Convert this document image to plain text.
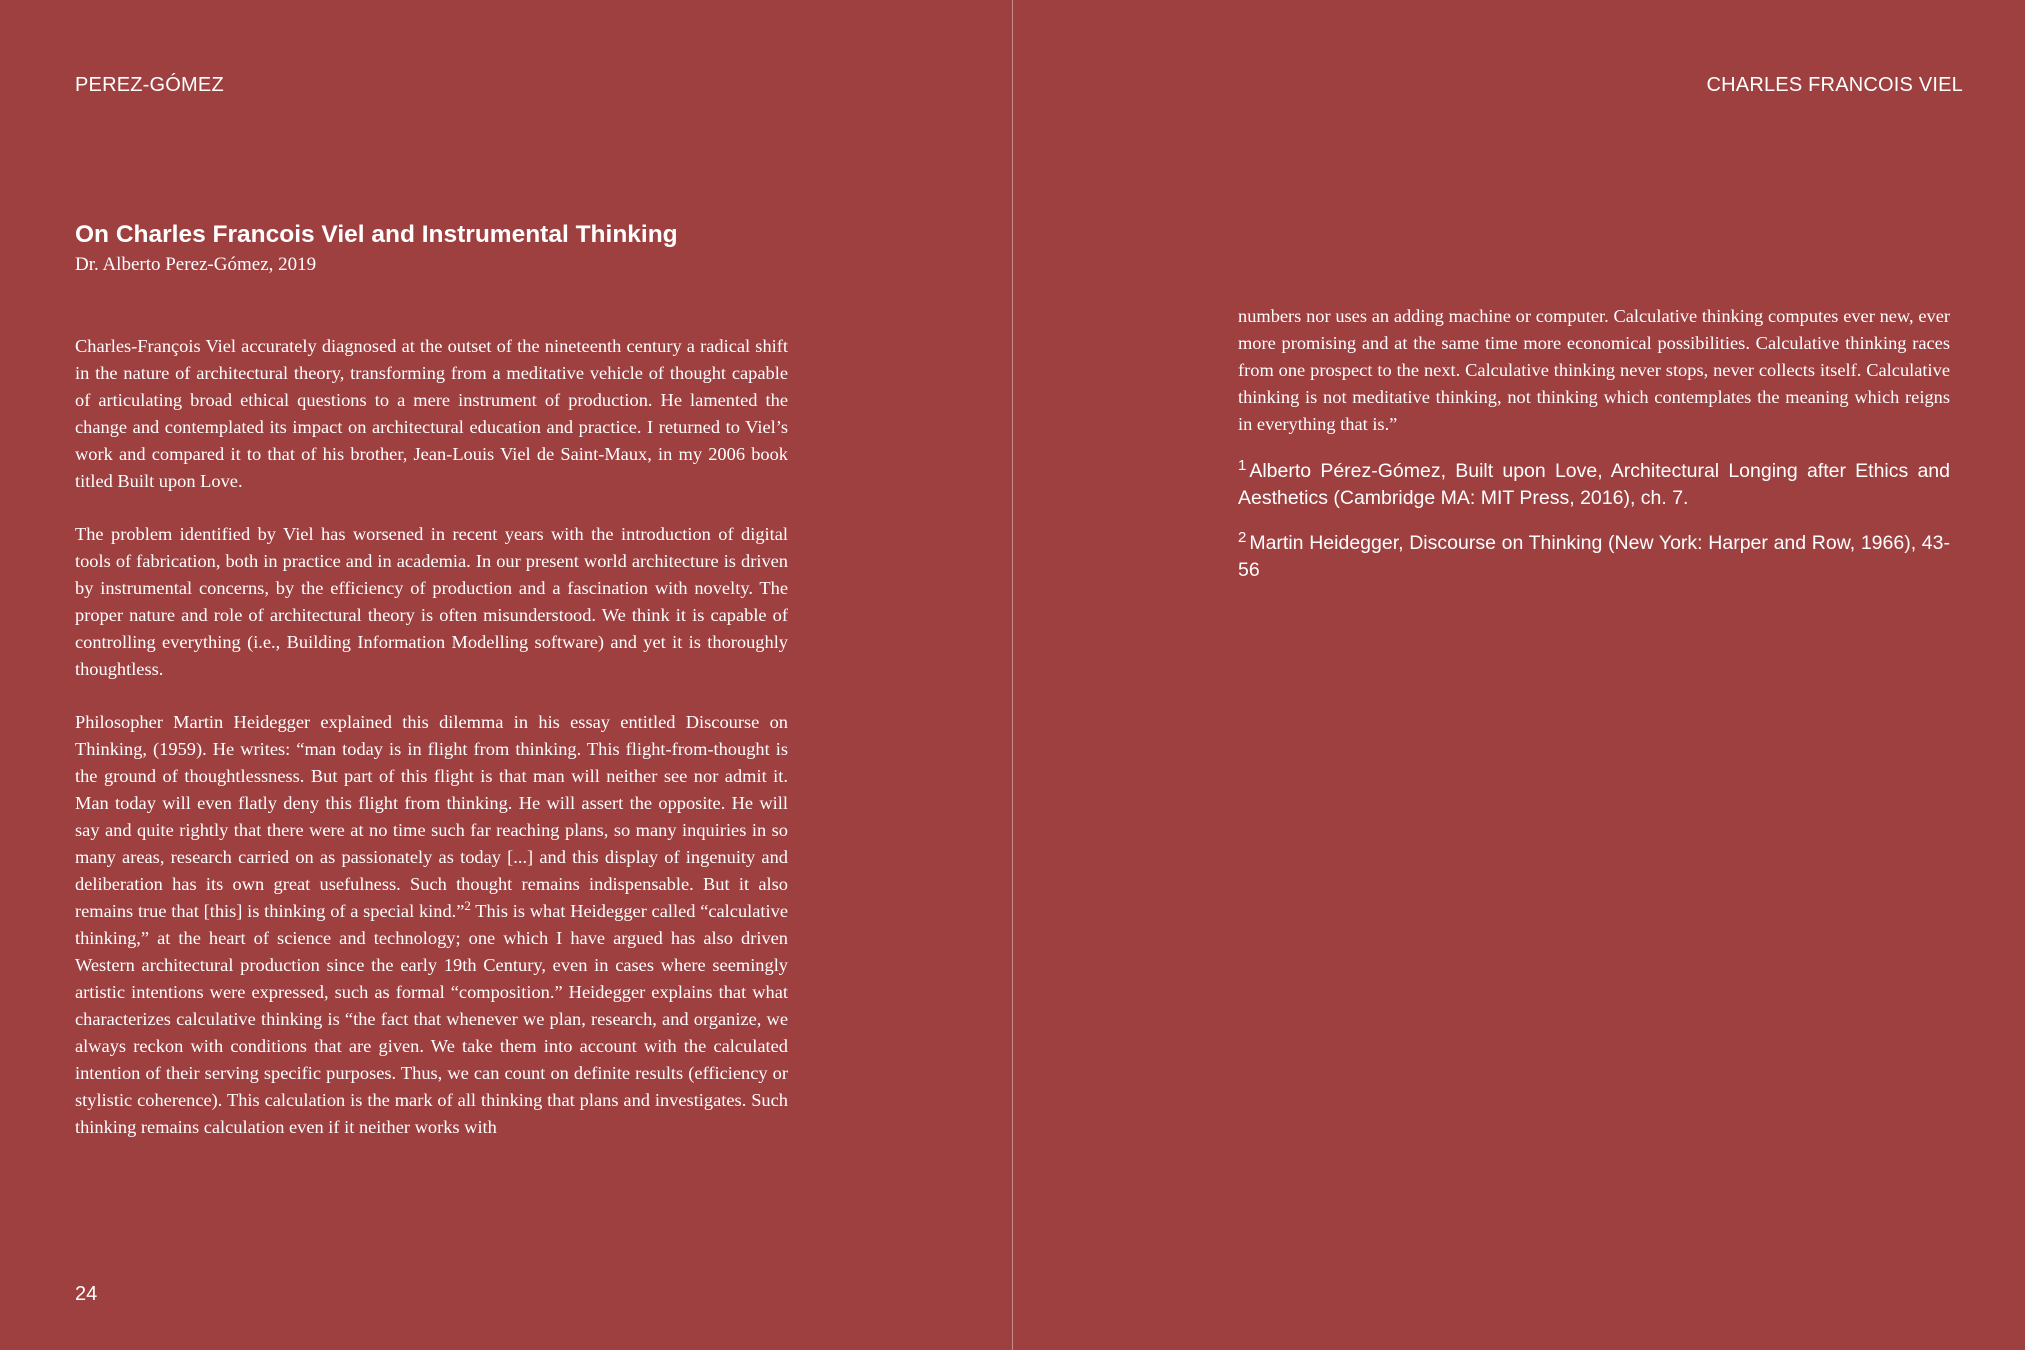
PEREZ-GÓMEZ
On Charles Francois Viel and Instrumental Thinking
Dr. Alberto Perez-Gómez, 2019

Charles-François Viel accurately diagnosed at the outset of the nineteenth century a radical shift in the nature of architectural theory, transforming from a meditative vehicle of thought capable of articulating broad ethical questions to a mere instrument of production. He lamented the change and contemplated its impact on architectural education and practice. I returned to Viel’s work and compared it to that of his brother, Jean-Louis Viel de Saint-Maux, in my 2006 book titled Built upon Love.

The problem identified by Viel has worsened in recent years with the introduction of digital tools of fabrication, both in practice and in academia. In our present world architecture is driven by instrumental concerns, by the efficiency of production and a fascination with novelty. The proper nature and role of architectural theory is often misunderstood. We think it is capable of controlling everything (i.e., Building Information Modelling software) and yet it is thoroughly thoughtless.

Philosopher Martin Heidegger explained this dilemma in his essay entitled Discourse on Thinking, (1959). He writes: “man today is in flight from thinking. This flight-from-thought is the ground of thoughtlessness. But part of this flight is that man will neither see nor admit it. Man today will even flatly deny this flight from thinking. He will assert the opposite. He will say and quite rightly that there were at no time such far reaching plans, so many inquiries in so many areas, research carried on as passionately as today [...] and this display of ingenuity and deliberation has its own great usefulness. Such thought remains indispensable. But it also remains true that [this] is thinking of a special kind.”$^2$ This is what Heidegger called “calculative thinking,” at the heart of science and technology; one which I have argued has also driven Western architectural production since the early 19th Century, even in cases where seemingly artistic intentions were expressed, such as formal “composition.” Heidegger explains that what characterizes calculative thinking is “the fact that whenever we plan, research, and organize, we always reckon with conditions that are given. We take them into account with the calculated intention of their serving specific purposes. Thus, we can count on definite results (efficiency or stylistic coherence). This calculation is the mark of all thinking that plans and investigates. Such thinking remains calculation even if it neither works with

24
CHARLES FRANCOIS VIEL

numbers nor uses an adding machine or computer. Calculative thinking computes ever new, ever more promising and at the same time more economical possibilities. Calculative thinking races from one prospect to the next. Calculative thinking never stops, never collects itself. Calculative thinking is not meditative thinking, not thinking which contemplates the meaning which reigns in everything that is.”

$^1$ Alberto Pérez-Gómez, Built upon Love, Architectural Longing after Ethics and Aesthetics (Cambridge MA: MIT Press, 2016), ch. 7.

$^2$ Martin Heidegger, Discourse on Thinking (New York: Harper and Row, 1966), 43-56
